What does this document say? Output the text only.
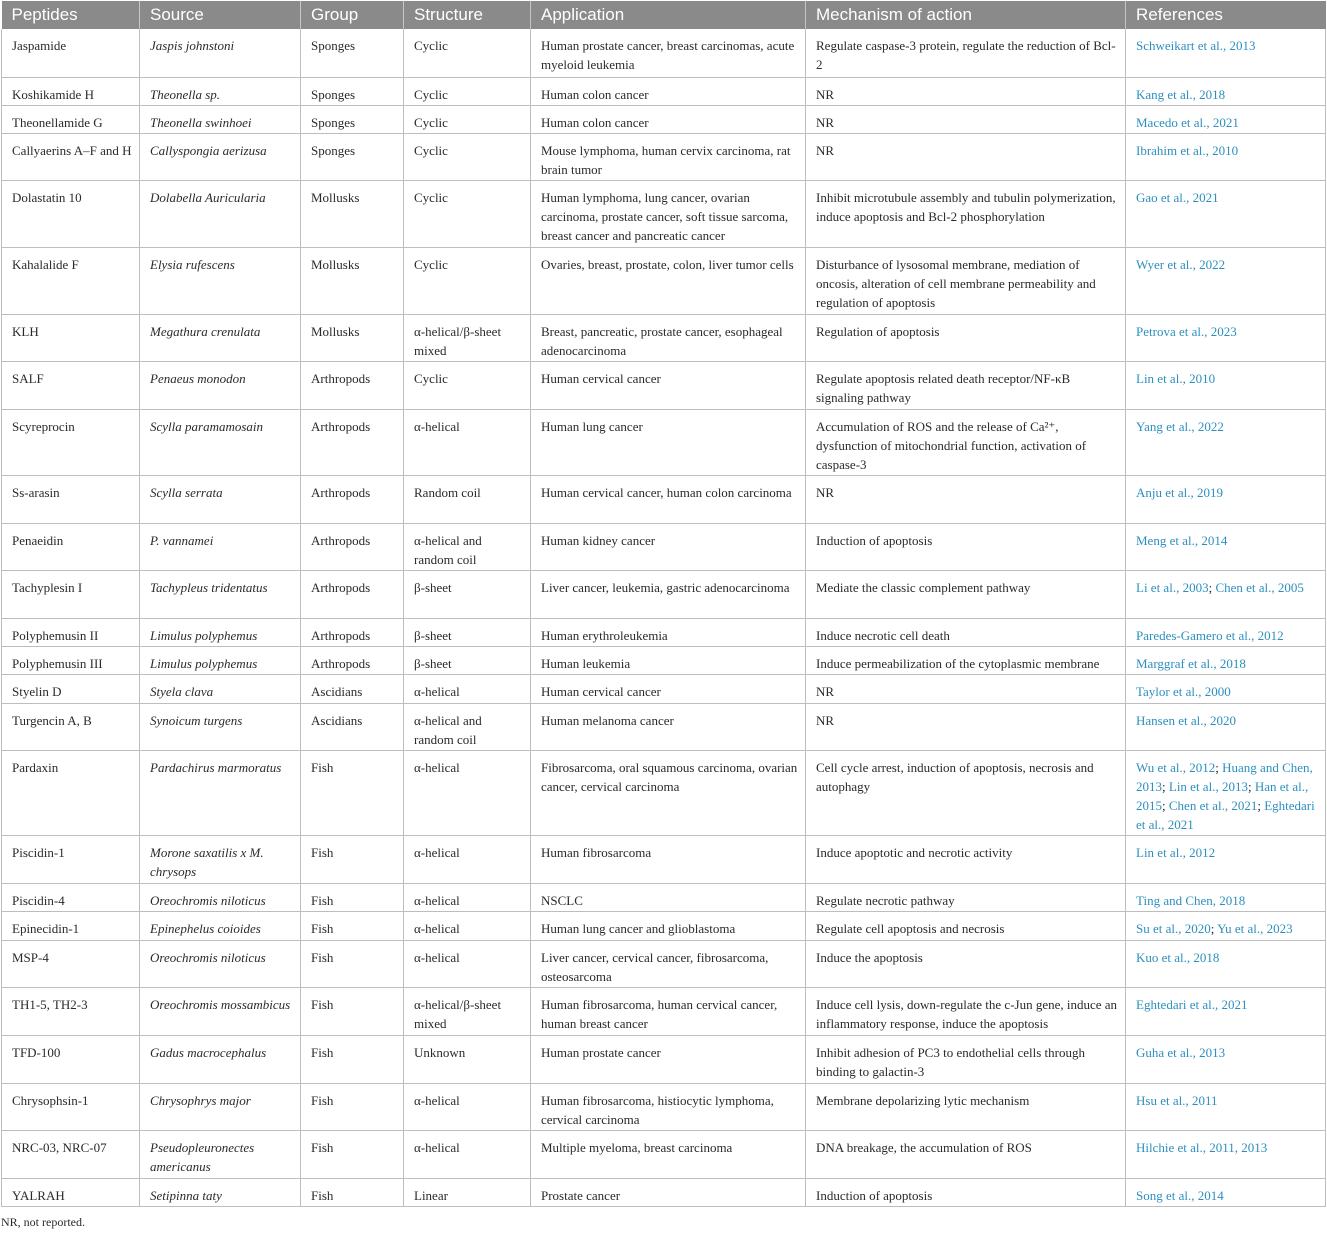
Peptides	Source	Group	Structure	Application	Mechanism of action	References
Jaspamide	Jaspis johnstoni	Sponges	Cyclic	Human prostate cancer, breast carcinomas, acute myeloid leukemia	Regulate caspase-3 protein, regulate the reduction of Bcl-2	Schweikart et al., 2013
Koshikamide H	Theonella sp.	Sponges	Cyclic	Human colon cancer	NR	Kang et al., 2018
Theonellamide G	Theonella swinhoei	Sponges	Cyclic	Human colon cancer	NR	Macedo et al., 2021
Callyaerins A–F and H	Callyspongia aerizusa	Sponges	Cyclic	Mouse lymphoma, human cervix carcinoma, rat brain tumor	NR	Ibrahim et al., 2010
Dolastatin 10	Dolabella Auricularia	Mollusks	Cyclic	Human lymphoma, lung cancer, ovarian carcinoma, prostate cancer, soft tissue sarcoma, breast cancer and pancreatic cancer	Inhibit microtubule assembly and tubulin polymerization, induce apoptosis and Bcl-2 phosphorylation	Gao et al., 2021
Kahalalide F	Elysia rufescens	Mollusks	Cyclic	Ovaries, breast, prostate, colon, liver tumor cells	Disturbance of lysosomal membrane, mediation of oncosis, alteration of cell membrane permeability and regulation of apoptosis	Wyer et al., 2022
KLH	Megathura crenulata	Mollusks	α-helical/β-sheet mixed	Breast, pancreatic, prostate cancer, esophageal adenocarcinoma	Regulation of apoptosis	Petrova et al., 2023
SALF	Penaeus monodon	Arthropods	Cyclic	Human cervical cancer	Regulate apoptosis related death receptor/NF-κB signaling pathway	Lin et al., 2010
Scyreprocin	Scylla paramamosain	Arthropods	α-helical	Human lung cancer	Accumulation of ROS and the release of Ca²⁺, dysfunction of mitochondrial function, activation of caspase-3	Yang et al., 2022
Ss-arasin	Scylla serrata	Arthropods	Random coil	Human cervical cancer, human colon carcinoma	NR	Anju et al., 2019
Penaeidin	P. vannamei	Arthropods	α-helical and random coil	Human kidney cancer	Induction of apoptosis	Meng et al., 2014
Tachyplesin I	Tachypleus tridentatus	Arthropods	β-sheet	Liver cancer, leukemia, gastric adenocarcinoma	Mediate the classic complement pathway	Li et al., 2003; Chen et al., 2005
Polyphemusin II	Limulus polyphemus	Arthropods	β-sheet	Human erythroleukemia	Induce necrotic cell death	Paredes-Gamero et al., 2012
Polyphemusin III	Limulus polyphemus	Arthropods	β-sheet	Human leukemia	Induce permeabilization of the cytoplasmic membrane	Marggraf et al., 2018
Styelin D	Styela clava	Ascidians	α-helical	Human cervical cancer	NR	Taylor et al., 2000
Turgencin A, B	Synoicum turgens	Ascidians	α-helical and random coil	Human melanoma cancer	NR	Hansen et al., 2020
Pardaxin	Pardachirus marmoratus	Fish	α-helical	Fibrosarcoma, oral squamous carcinoma, ovarian cancer, cervical carcinoma	Cell cycle arrest, induction of apoptosis, necrosis and autophagy	Wu et al., 2012; Huang and Chen, 2013; Lin et al., 2013; Han et al., 2015; Chen et al., 2021; Eghtedari et al., 2021
Piscidin-1	Morone saxatilis x M. chrysops	Fish	α-helical	Human fibrosarcoma	Induce apoptotic and necrotic activity	Lin et al., 2012
Piscidin-4	Oreochromis niloticus	Fish	α-helical	NSCLC	Regulate necrotic pathway	Ting and Chen, 2018
Epinecidin-1	Epinephelus coioides	Fish	α-helical	Human lung cancer and glioblastoma	Regulate cell apoptosis and necrosis	Su et al., 2020; Yu et al., 2023
MSP-4	Oreochromis niloticus	Fish	α-helical	Liver cancer, cervical cancer, fibrosarcoma, osteosarcoma	Induce the apoptosis	Kuo et al., 2018
TH1-5, TH2-3	Oreochromis mossambicus	Fish	α-helical/β-sheet mixed	Human fibrosarcoma, human cervical cancer, human breast cancer	Induce cell lysis, down-regulate the c-Jun gene, induce an inflammatory response, induce the apoptosis	Eghtedari et al., 2021
TFD-100	Gadus macrocephalus	Fish	Unknown	Human prostate cancer	Inhibit adhesion of PC3 to endothelial cells through binding to galactin-3	Guha et al., 2013
Chrysophsin-1	Chrysophrys major	Fish	α-helical	Human fibrosarcoma, histiocytic lymphoma, cervical carcinoma	Membrane depolarizing lytic mechanism	Hsu et al., 2011
NRC-03, NRC-07	Pseudopleuronectes americanus	Fish	α-helical	Multiple myeloma, breast carcinoma	DNA breakage, the accumulation of ROS	Hilchie et al., 2011, 2013
YALRAH	Setipinna taty	Fish	Linear	Prostate cancer	Induction of apoptosis	Song et al., 2014
NR, not reported.
